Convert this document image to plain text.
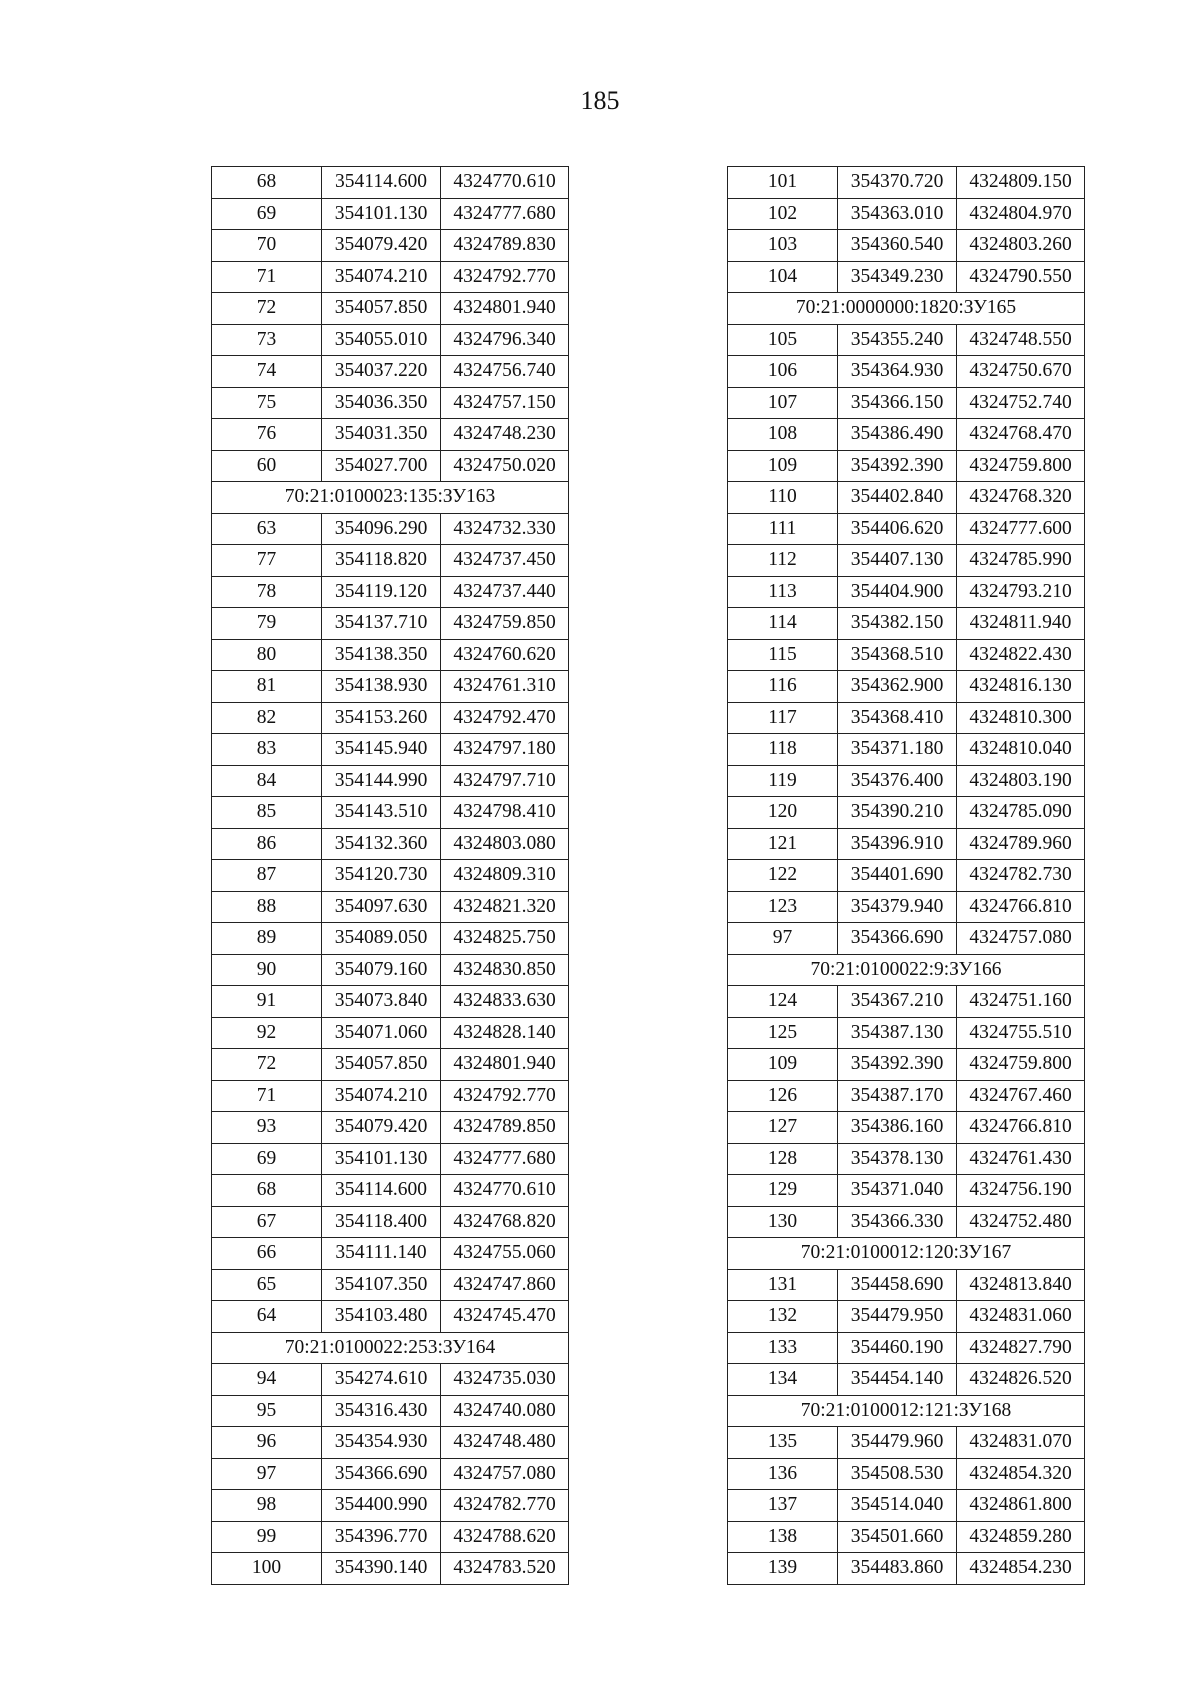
185
68	354114.600	4324770.610
69	354101.130	4324777.680
70	354079.420	4324789.830
71	354074.210	4324792.770
72	354057.850	4324801.940
73	354055.010	4324796.340
74	354037.220	4324756.740
75	354036.350	4324757.150
76	354031.350	4324748.230
60	354027.700	4324750.020
70:21:0100023:135:ЗУ163		
63	354096.290	4324732.330
77	354118.820	4324737.450
78	354119.120	4324737.440
79	354137.710	4324759.850
80	354138.350	4324760.620
81	354138.930	4324761.310
82	354153.260	4324792.470
83	354145.940	4324797.180
84	354144.990	4324797.710
85	354143.510	4324798.410
86	354132.360	4324803.080
87	354120.730	4324809.310
88	354097.630	4324821.320
89	354089.050	4324825.750
90	354079.160	4324830.850
91	354073.840	4324833.630
92	354071.060	4324828.140
72	354057.850	4324801.940
71	354074.210	4324792.770
93	354079.420	4324789.850
69	354101.130	4324777.680
68	354114.600	4324770.610
67	354118.400	4324768.820
66	354111.140	4324755.060
65	354107.350	4324747.860
64	354103.480	4324745.470
70:21:0100022:253:ЗУ164		
94	354274.610	4324735.030
95	354316.430	4324740.080
96	354354.930	4324748.480
97	354366.690	4324757.080
98	354400.990	4324782.770
99	354396.770	4324788.620
100	354390.140	4324783.520
101	354370.720	4324809.150
102	354363.010	4324804.970
103	354360.540	4324803.260
104	354349.230	4324790.550
70:21:0000000:1820:ЗУ165		
105	354355.240	4324748.550
106	354364.930	4324750.670
107	354366.150	4324752.740
108	354386.490	4324768.470
109	354392.390	4324759.800
110	354402.840	4324768.320
111	354406.620	4324777.600
112	354407.130	4324785.990
113	354404.900	4324793.210
114	354382.150	4324811.940
115	354368.510	4324822.430
116	354362.900	4324816.130
117	354368.410	4324810.300
118	354371.180	4324810.040
119	354376.400	4324803.190
120	354390.210	4324785.090
121	354396.910	4324789.960
122	354401.690	4324782.730
123	354379.940	4324766.810
97	354366.690	4324757.080
70:21:0100022:9:ЗУ166		
124	354367.210	4324751.160
125	354387.130	4324755.510
109	354392.390	4324759.800
126	354387.170	4324767.460
127	354386.160	4324766.810
128	354378.130	4324761.430
129	354371.040	4324756.190
130	354366.330	4324752.480
70:21:0100012:120:ЗУ167		
131	354458.690	4324813.840
132	354479.950	4324831.060
133	354460.190	4324827.790
134	354454.140	4324826.520
70:21:0100012:121:ЗУ168		
135	354479.960	4324831.070
136	354508.530	4324854.320
137	354514.040	4324861.800
138	354501.660	4324859.280
139	354483.860	4324854.230
